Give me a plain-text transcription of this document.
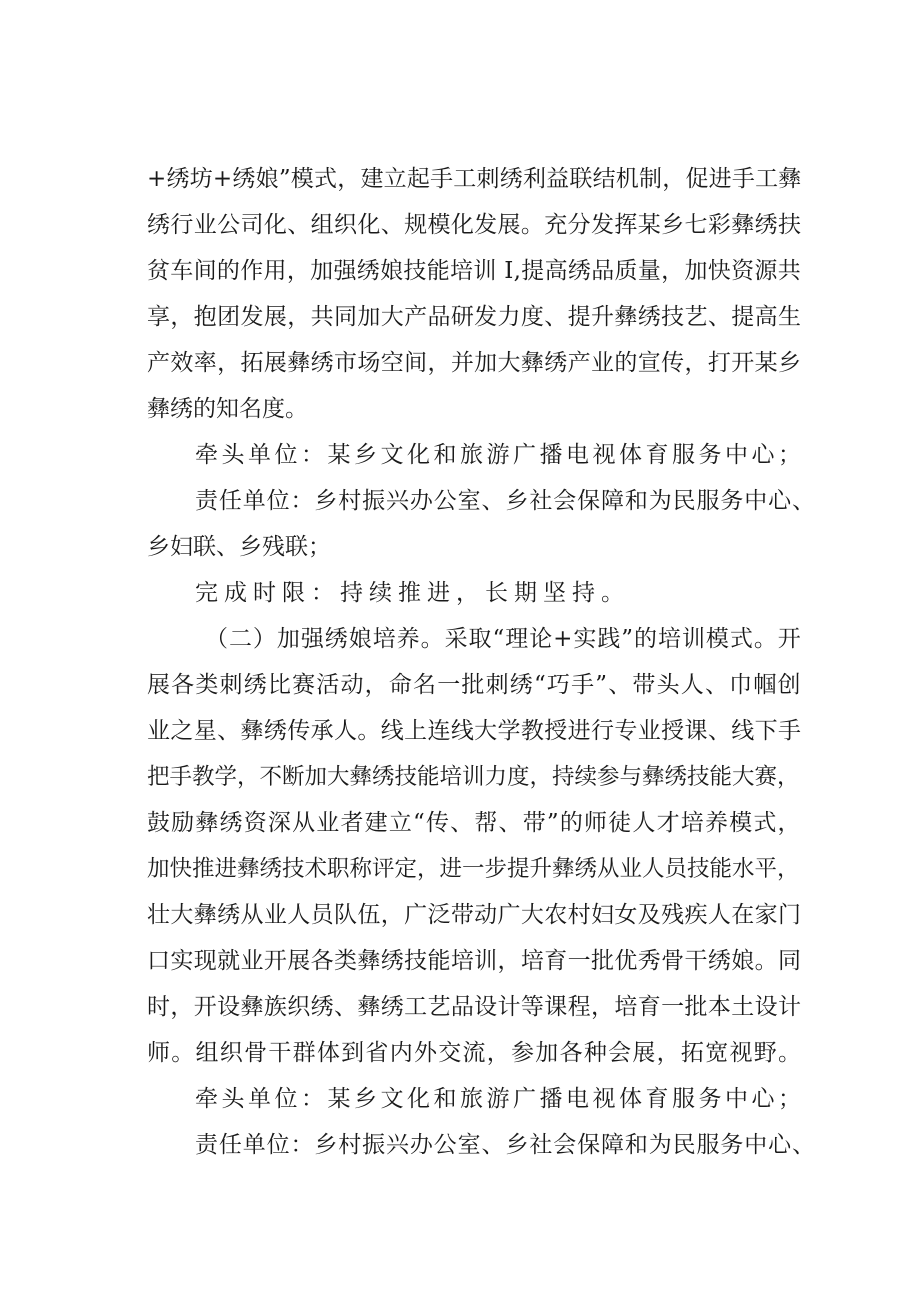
+绣坊+绣娘”模式，建立起手工刺绣利益联结机制，促进手工彝

绣行业公司化、组织化、规模化发展。充分发挥某乡七彩彝绣扶

贫车间的作用，加强绣娘技能培训 I,提高绣品质量，加快资源共

享，抱团发展，共同加大产品研发力度、提升彝绣技艺、提高生

产效率，拓展彝绣市场空间，并加大彝绣产业的宣传，打开某乡

彝绣的知名度。

牵头单位：某乡文化和旅游广播电视体育服务中心；

责任单位：乡村振兴办公室、乡社会保障和为民服务中心、

乡妇联、乡残联；

完成时限：持续推进，长期坚持。

（二）加强绣娘培养。采取“理论+实践”的培训模式。开

展各类刺绣比赛活动，命名一批刺绣“巧手”、带头人、巾帼创

业之星、彝绣传承人。线上连线大学教授进行专业授课、线下手

把手教学，不断加大彝绣技能培训力度，持续参与彝绣技能大赛，

鼓励彝绣资深从业者建立“传、帮、带”的师徒人才培养模式，

加快推进彝绣技术职称评定，进一步提升彝绣从业人员技能水平，

壮大彝绣从业人员队伍，广泛带动广大农村妇女及残疾人在家门

口实现就业开展各类彝绣技能培训，培育一批优秀骨干绣娘。同

时，开设彝族织绣、彝绣工艺品设计等课程，培育一批本土设计

师。组织骨干群体到省内外交流，参加各种会展，拓宽视野。

牵头单位：某乡文化和旅游广播电视体育服务中心；

责任单位：乡村振兴办公室、乡社会保障和为民服务中心、
